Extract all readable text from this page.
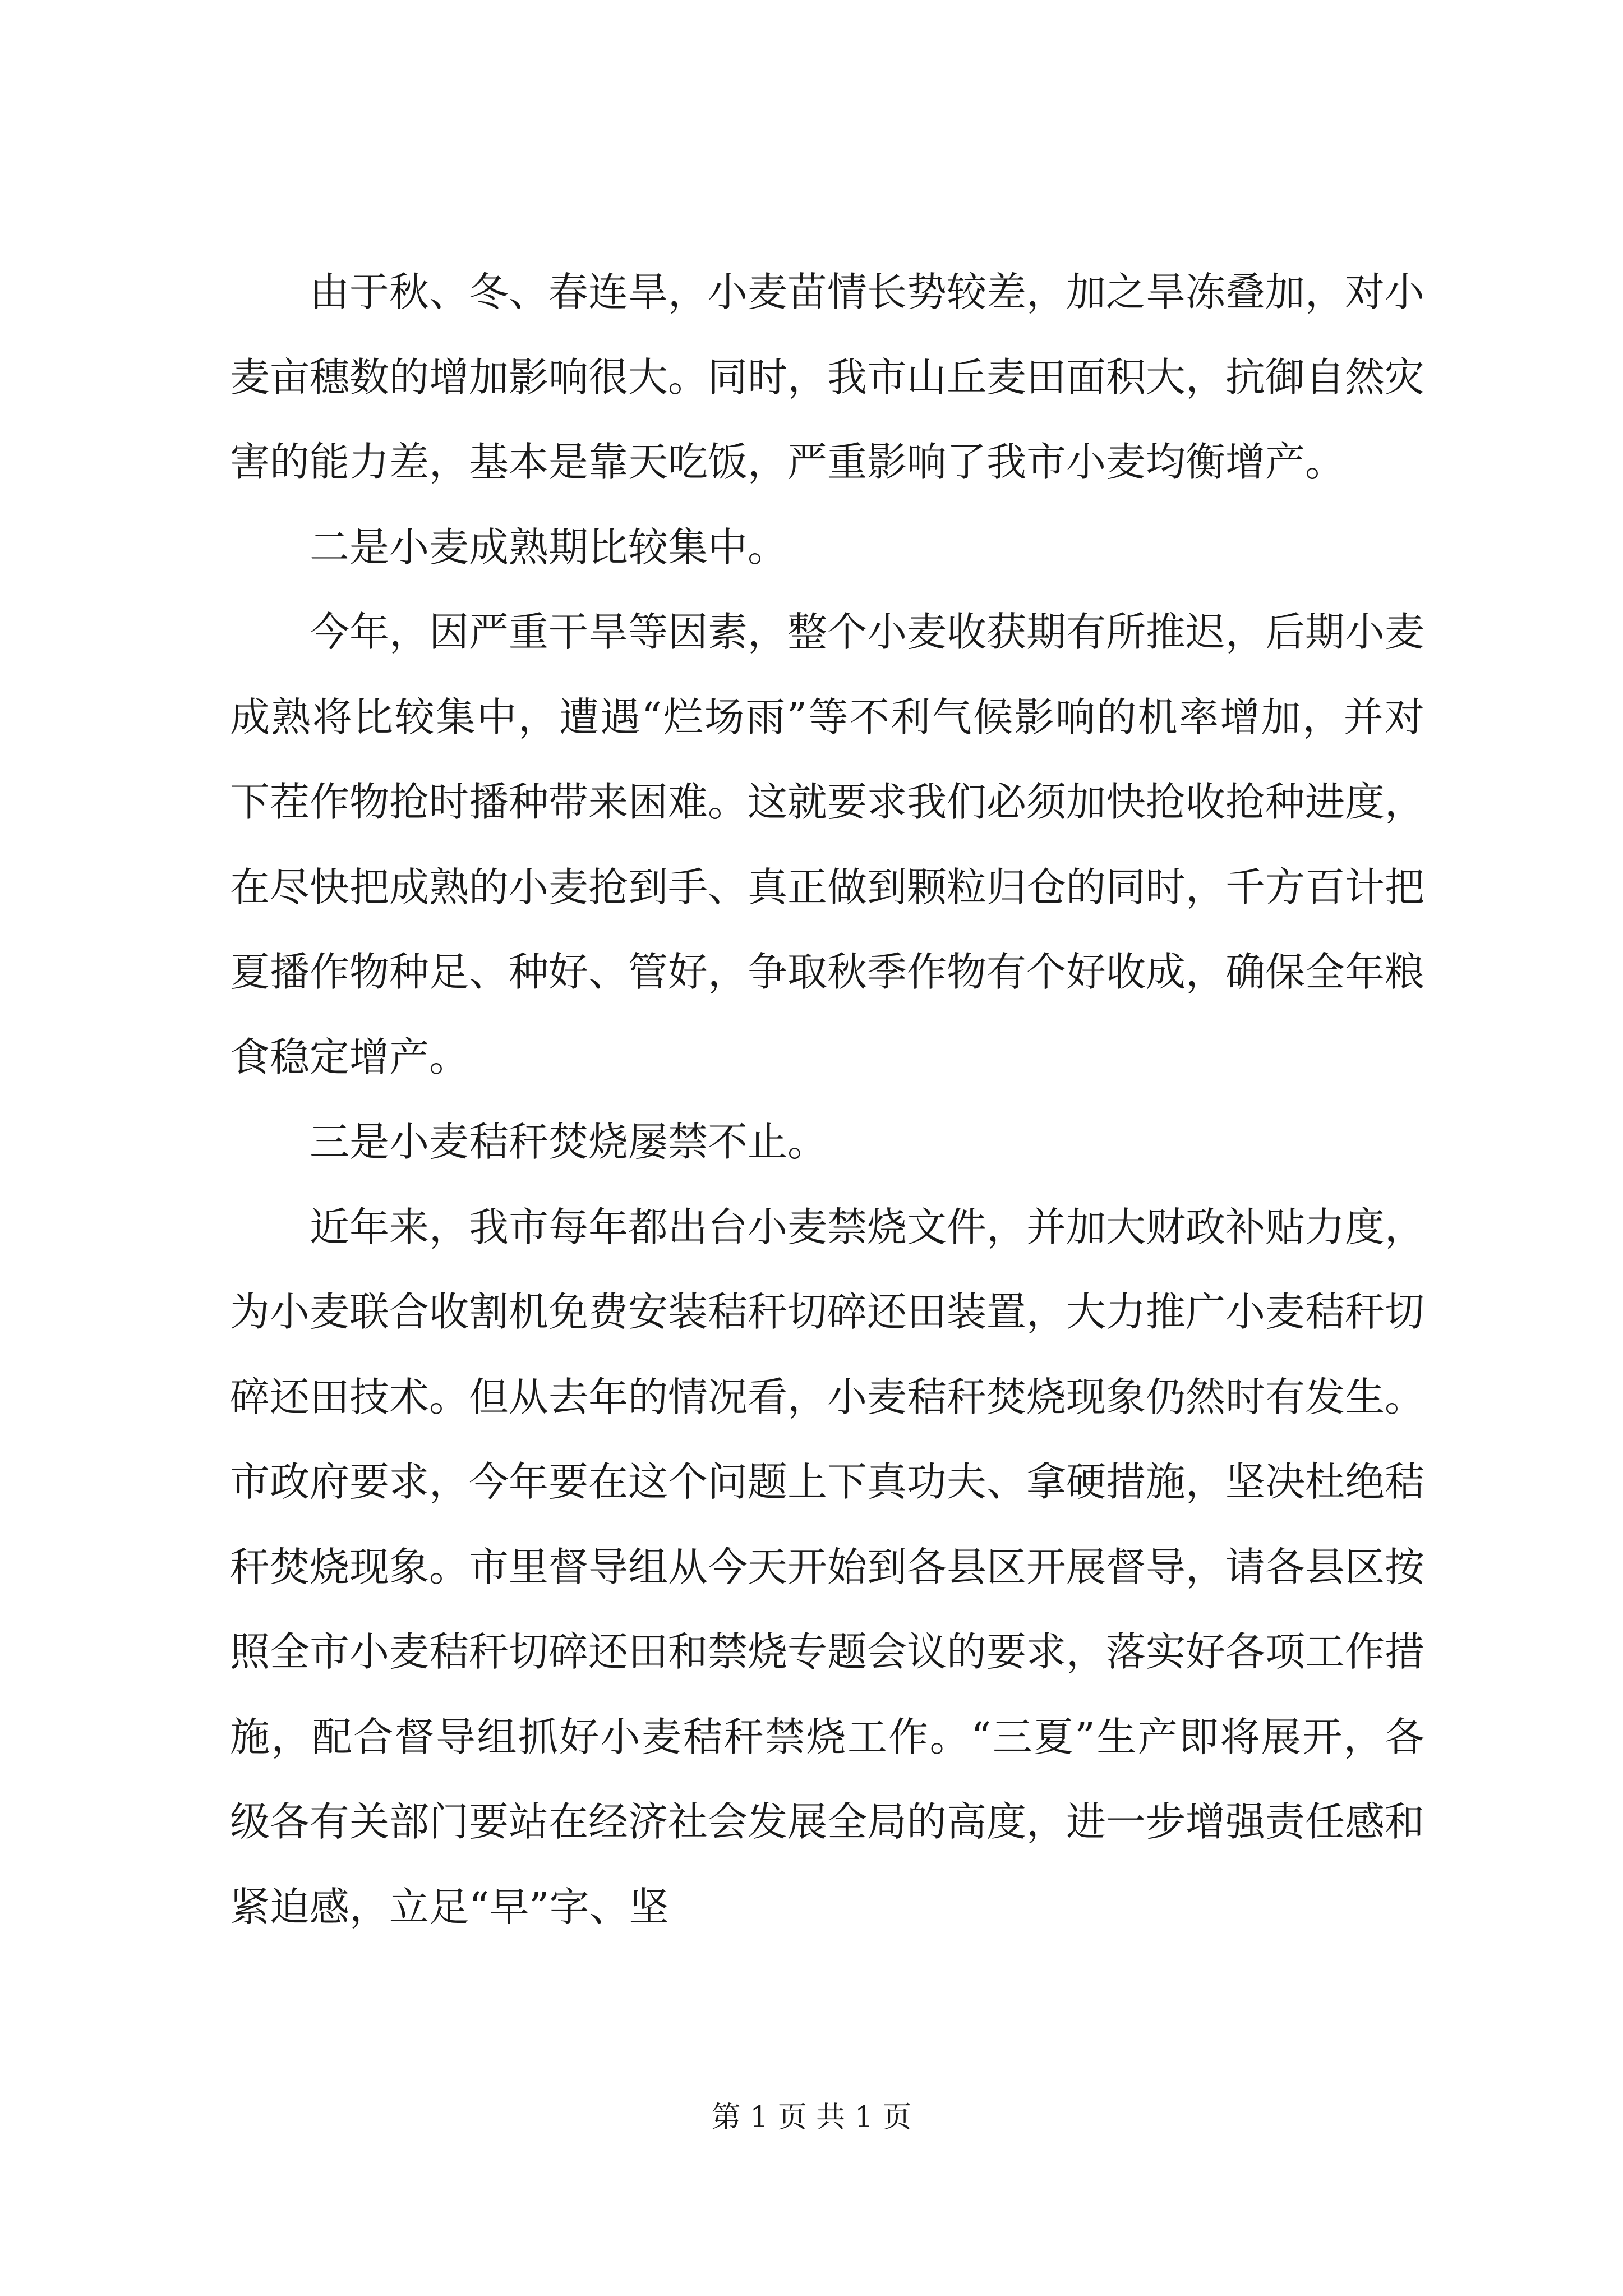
由于秋、冬、春连旱，小麦苗情长势较差，加之旱冻叠加，对小麦亩穗数的增加影响很大。同时，我市山丘麦田面积大，抗御自然灾害的能力差，基本是靠天吃饭，严重影响了我市小麦均衡增产。

二是小麦成熟期比较集中。

今年，因严重干旱等因素，整个小麦收获期有所推迟，后期小麦成熟将比较集中，遭遇“烂场雨”等不利气候影响的机率增加，并对下茬作物抢时播种带来困难。这就要求我们必须加快抢收抢种进度，在尽快把成熟的小麦抢到手、真正做到颗粒归仓的同时，千方百计把夏播作物种足、种好、管好，争取秋季作物有个好收成，确保全年粮食稳定增产。

三是小麦秸秆焚烧屡禁不止。

近年来，我市每年都出台小麦禁烧文件，并加大财政补贴力度，为小麦联合收割机免费安装秸秆切碎还田装置，大力推广小麦秸秆切碎还田技术。但从去年的情况看，小麦秸秆焚烧现象仍然时有发生。市政府要求，今年要在这个问题上下真功夫、拿硬措施，坚决杜绝秸秆焚烧现象。市里督导组从今天开始到各县区开展督导，请各县区按照全市小麦秸秆切碎还田和禁烧专题会议的要求，落实好各项工作措施，配合督导组抓好小麦秸秆禁烧工作。“三夏”生产即将展开，各级各有关部门要站在经济社会发展全局的高度，进一步增强责任感和紧迫感，立足“早”字、坚

第 1 页 共 1 页
